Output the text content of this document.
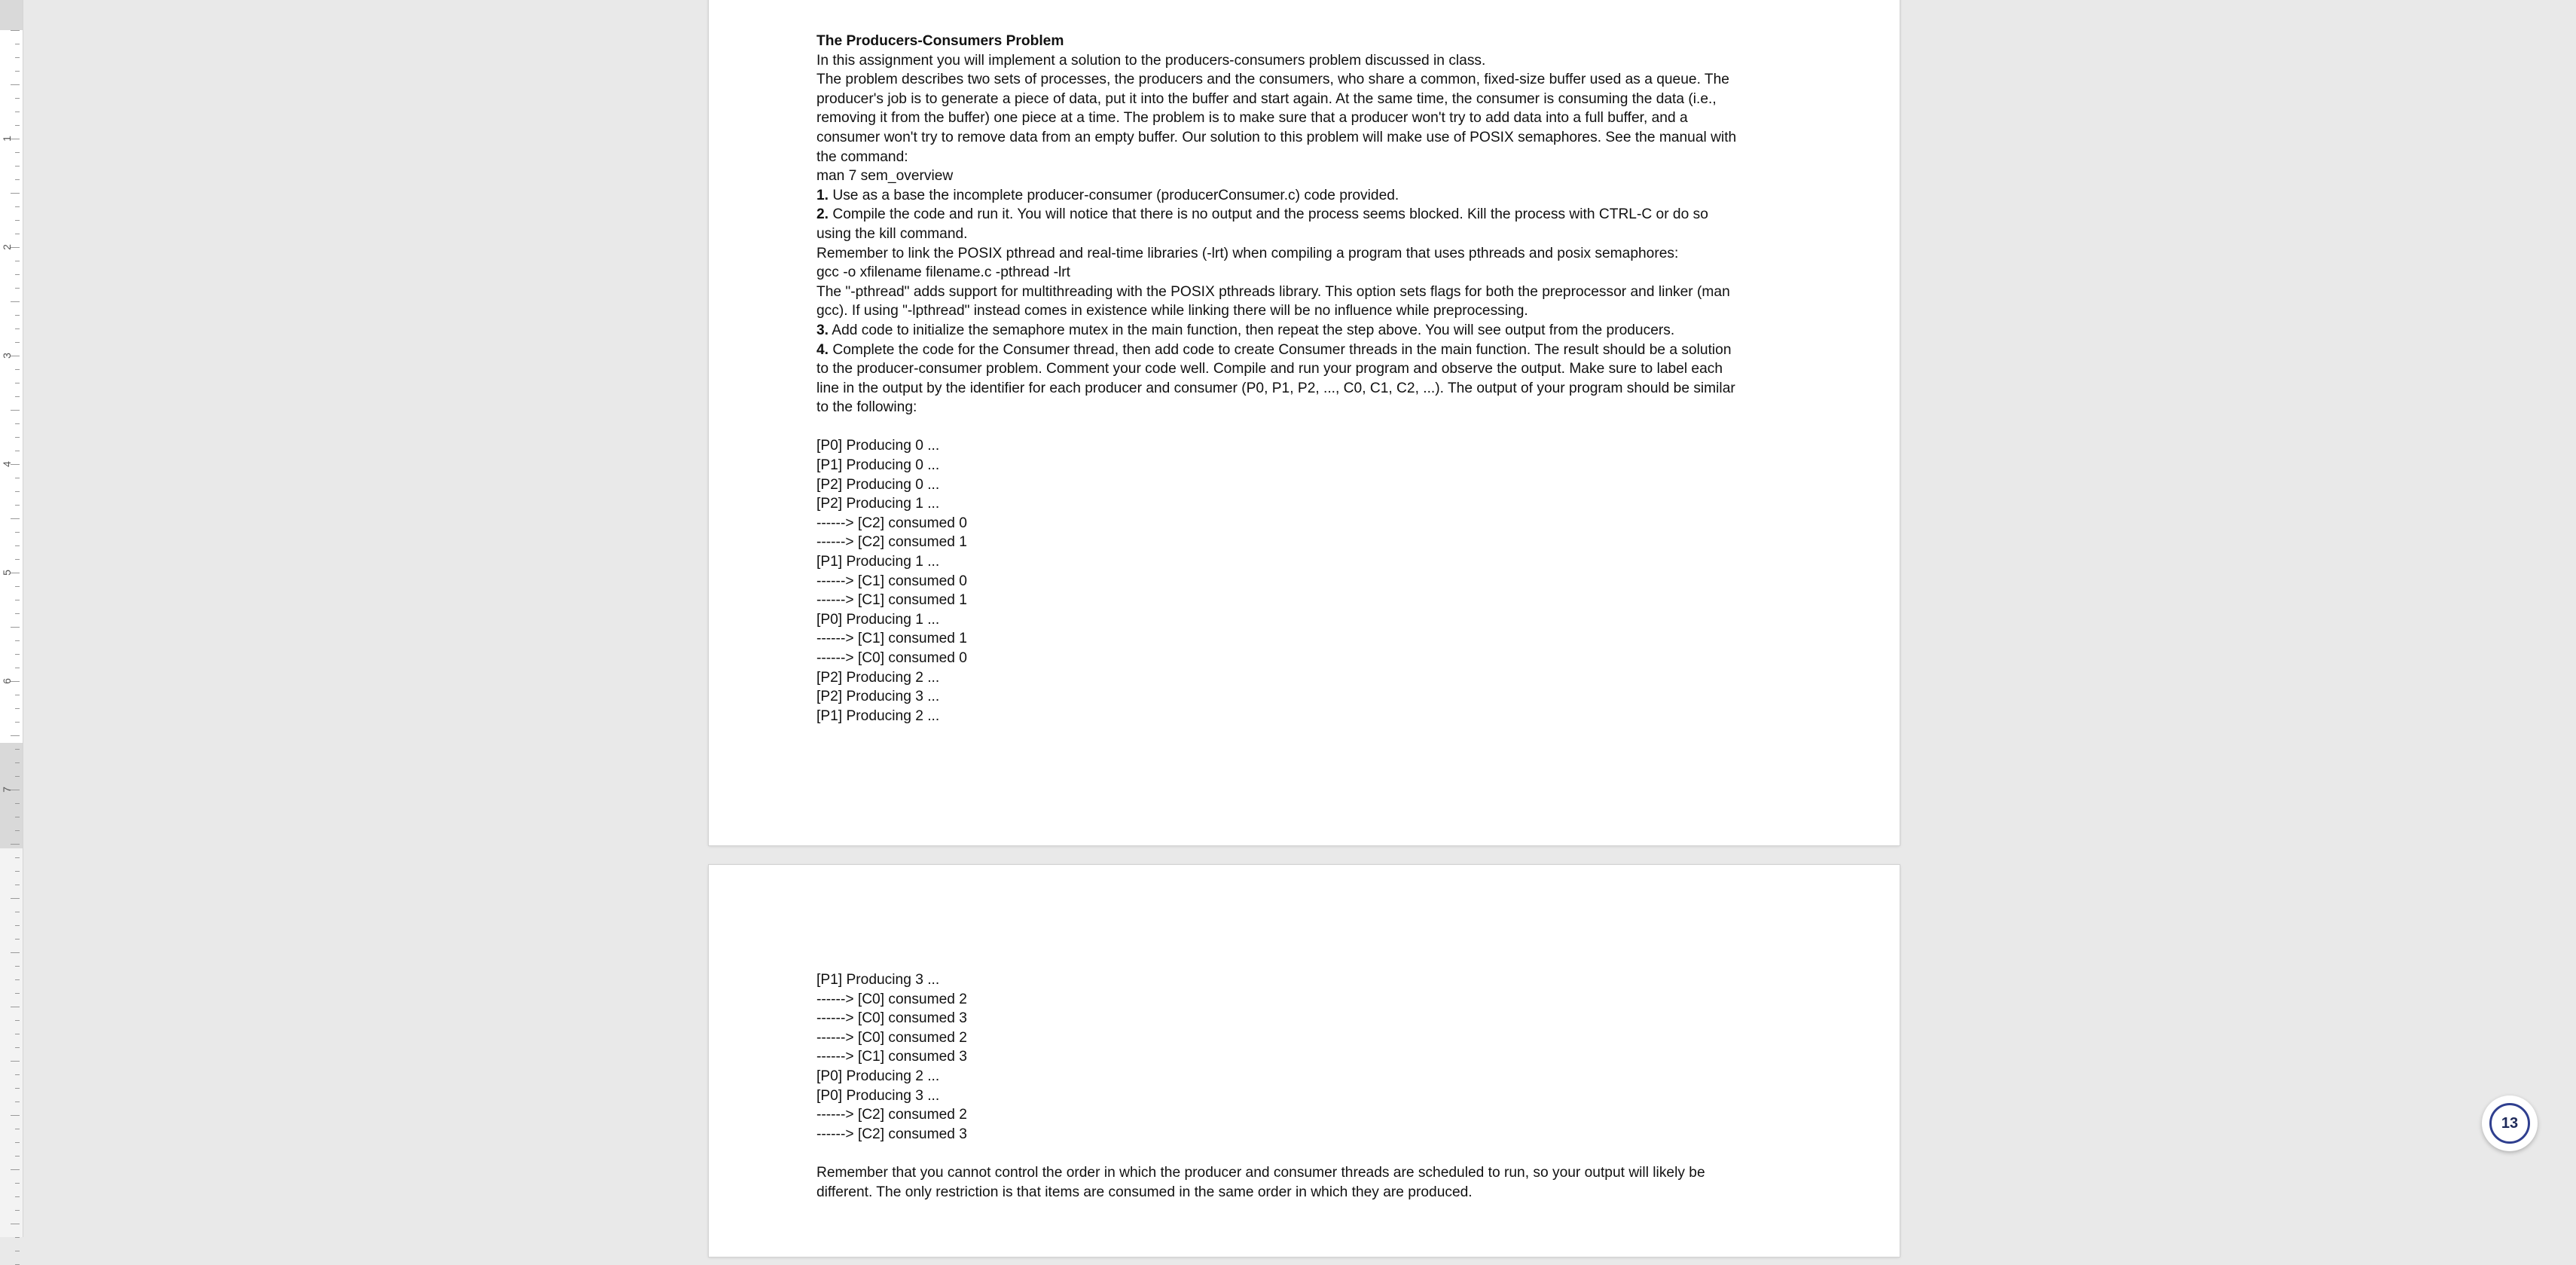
1
2
3
4
5
6
7
The Producers-Consumers Problem
In this assignment you will implement a solution to the producers-consumers problem discussed in class.
The problem describes two sets of processes, the producers and the consumers, who share a common, fixed-size buffer used as a queue. The
producer's job is to generate a piece of data, put it into the buffer and start again. At the same time, the consumer is consuming the data (i.e.,
removing it from the buffer) one piece at a time. The problem is to make sure that a producer won't try to add data into a full buffer, and a
consumer won't try to remove data from an empty buffer. Our solution to this problem will make use of POSIX semaphores. See the manual with
the command:
man 7 sem_overview
1. Use as a base the incomplete producer-consumer (producerConsumer.c) code provided.
2. Compile the code and run it. You will notice that there is no output and the process seems blocked. Kill the process with CTRL-C or do so
using the kill command.
Remember to link the POSIX pthread and real-time libraries (-lrt) when compiling a program that uses pthreads and posix semaphores:
gcc -o xfilename filename.c -pthread -lrt
The "-pthread" adds support for multithreading with the POSIX pthreads library. This option sets flags for both the preprocessor and linker (man
gcc). If using "-lpthread" instead comes in existence while linking there will be no influence while preprocessing.
3. Add code to initialize the semaphore mutex in the main function, then repeat the step above. You will see output from the producers.
4. Complete the code for the Consumer thread, then add code to create Consumer threads in the main function. The result should be a solution
to the producer-consumer problem. Comment your code well. Compile and run your program and observe the output. Make sure to label each
line in the output by the identifier for each producer and consumer (P0, P1, P2, ..., C0, C1, C2, ...). The output of your program should be similar
to the following:
[P0] Producing 0 ...
[P1] Producing 0 ...
[P2] Producing 0 ...
[P2] Producing 1 ...
------> [C2] consumed 0
------> [C2] consumed 1
[P1] Producing 1 ...
------> [C1] consumed 0
------> [C1] consumed 1
[P0] Producing 1 ...
------> [C1] consumed 1
------> [C0] consumed 0
[P2] Producing 2 ...
[P2] Producing 3 ...
[P1] Producing 2 ...
[P1] Producing 3 ...
------> [C0] consumed 2
------> [C0] consumed 3
------> [C0] consumed 2
------> [C1] consumed 3
[P0] Producing 2 ...
[P0] Producing 3 ...
------> [C2] consumed 2
------> [C2] consumed 3
Remember that you cannot control the order in which the producer and consumer threads are scheduled to run, so your output will likely be
different. The only restriction is that items are consumed in the same order in which they are produced.
13
